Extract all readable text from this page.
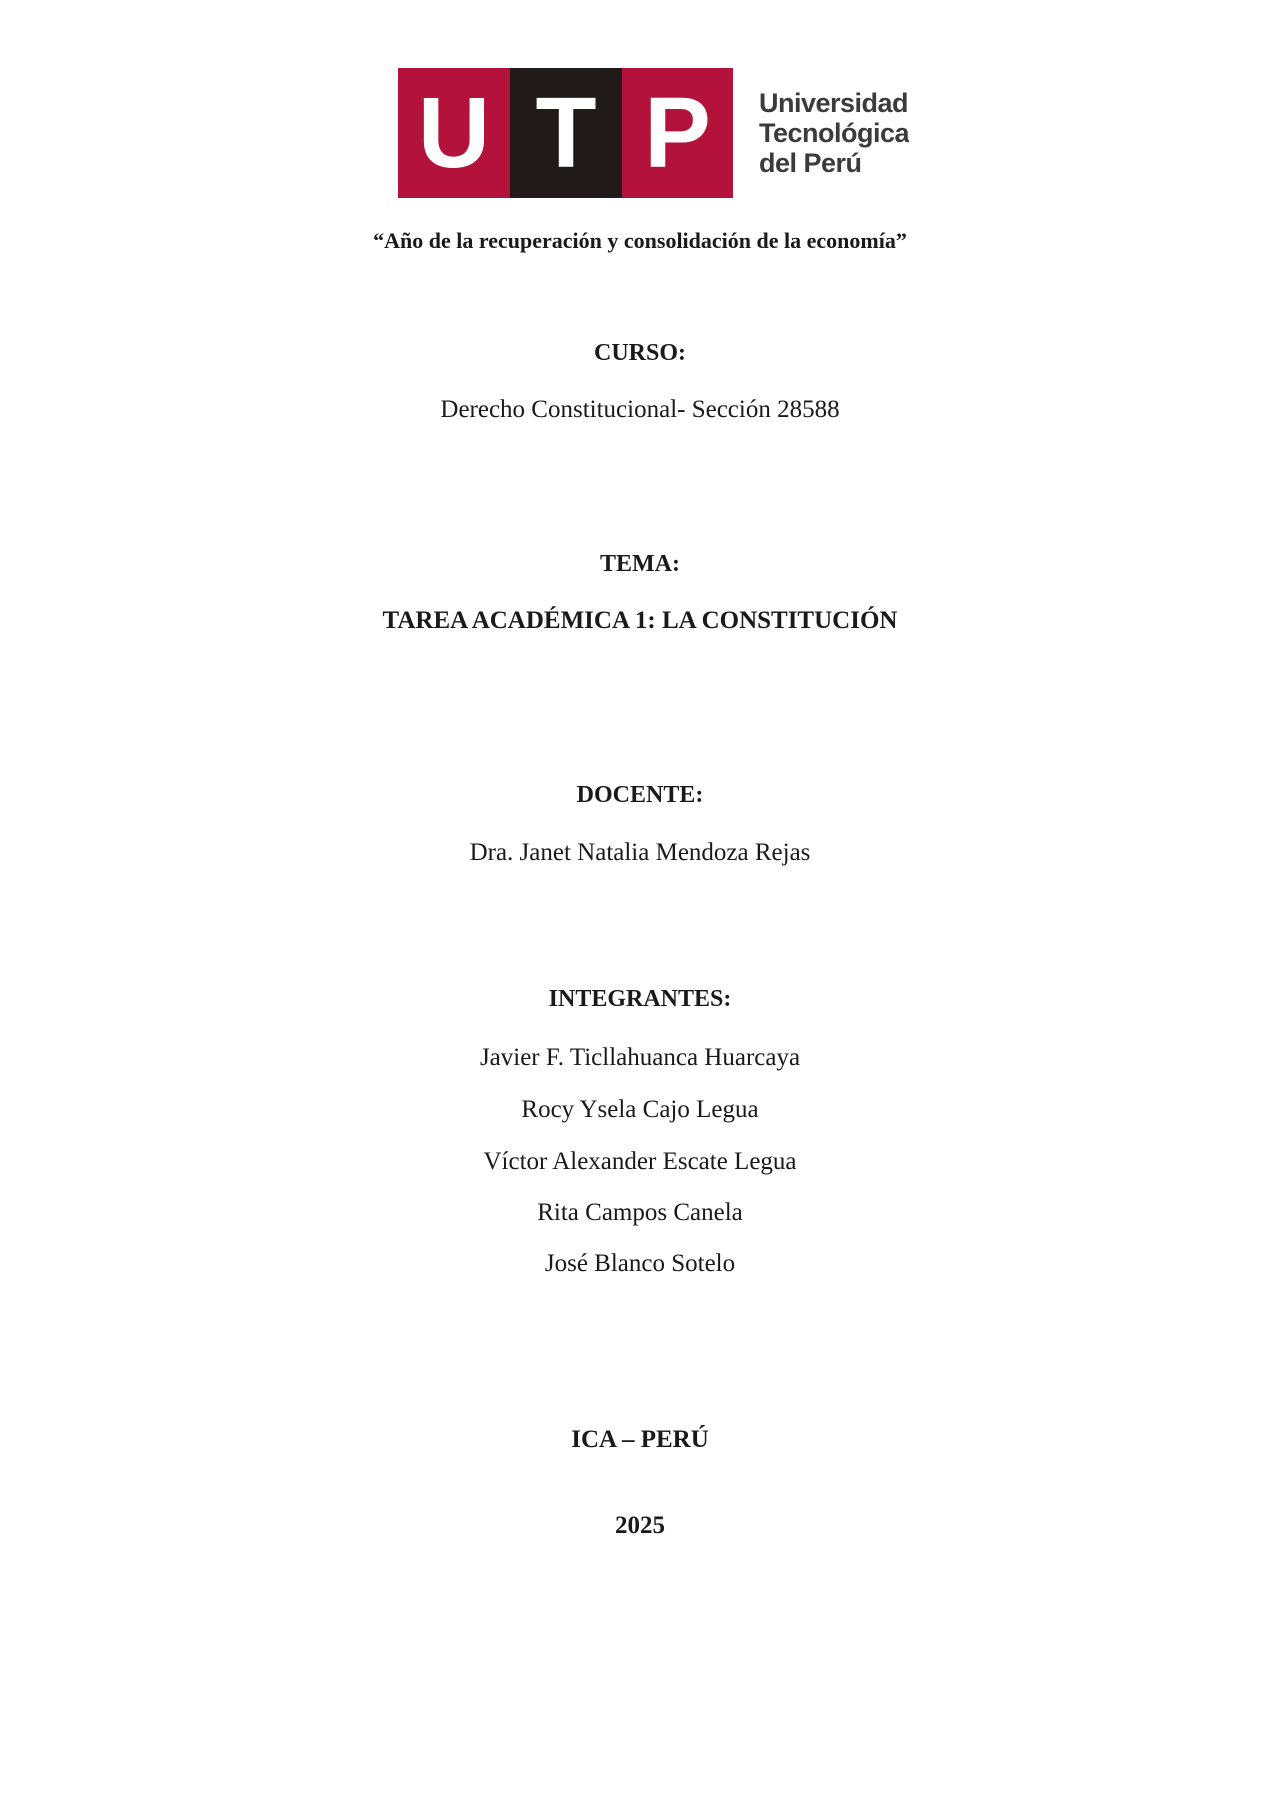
U T P	Universidad
Tecnológica
del Perú
“Año de la recuperación y consolidación de la economía”
CURSO:
Derecho Constitucional- Sección 28588
TEMA:
TAREA ACADÉMICA 1: LA CONSTITUCIÓN
DOCENTE:
Dra. Janet Natalia Mendoza Rejas
INTEGRANTES:
Javier F. Ticllahuanca Huarcaya
Rocy Ysela Cajo Legua
Víctor Alexander Escate Legua
Rita Campos Canela
José Blanco Sotelo
ICA – PERÚ
2025
